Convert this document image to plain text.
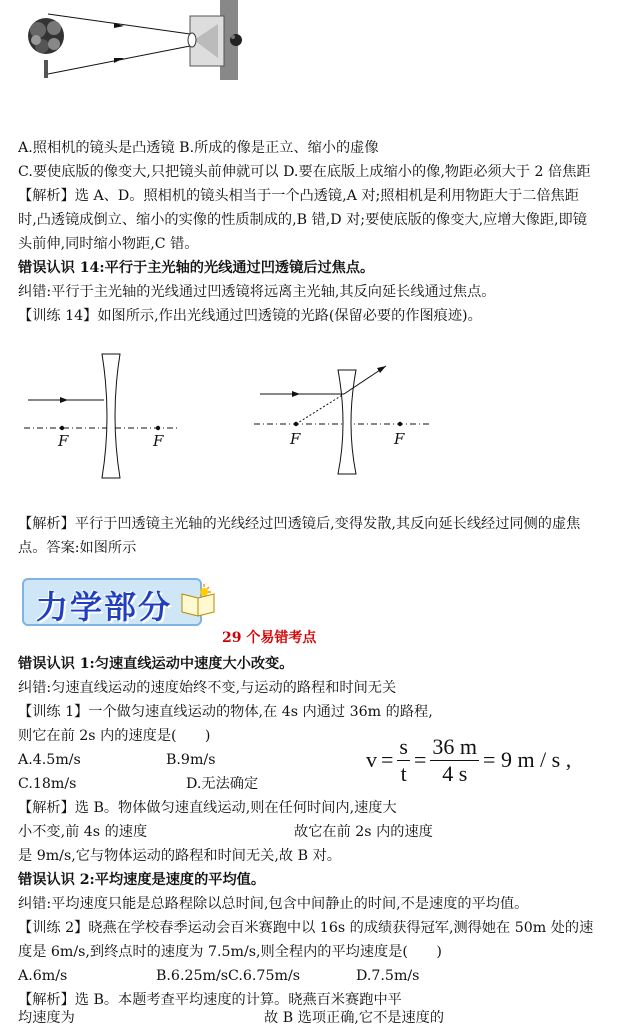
A.照相机的镜头是凸透镜 B.所成的像是正立、缩小的虚像
C.要使底版的像变大,只把镜头前伸就可以 D.要在底版上成缩小的像,物距必须大于 2 倍焦距
【解析】选 A、D。照相机的镜头相当于一个凸透镜,A 对;照相机是利用物距大于二倍焦距
时,凸透镜成倒立、缩小的实像的性质制成的,B 错,D 对;要使底版的像变大,应增大像距,即镜
头前伸,同时缩小物距,C 错。
错误认识 14:平行于主光轴的光线通过凹透镜后过焦点。
纠错:平行于主光轴的光线通过凹透镜将远离主光轴,其反向延长线通过焦点。
【训练 14】如图所示,作出光线通过凹透镜的光路(保留必要的作图痕迹)。
F	F	F	F
【解析】平行于凹透镜主光轴的光线经过凹透镜后,变得发散,其反向延长线经过同侧的虚焦
点。答案:如图所示
力学部分
29 个易错考点
错误认识 1:匀速直线运动中速度大小改变。
纠错:匀速直线运动的速度始终不变,与运动的路程和时间无关
【训练 1】一个做匀速直线运动的物体,在 4s 内通过 36m 的路程,
则它在前 2s 内的速度是(　　)
A.4.5m/s	B.9m/s
C.18m/s	D.无法确定
$v = \frac{s}{t} = \frac{36 m}{4 s} = 9$ m / s ,
【解析】选 B。物体做匀速直线运动,则在任何时间内,速度大
小不变,前 4s 的速度	故它在前 2s 内的速度
是 9m/s,它与物体运动的路程和时间无关,故 B 对。
错误认识 2:平均速度是速度的平均值。
纠错:平均速度只能是总路程除以总时间,包含中间静止的时间,不是速度的平均值。
【训练 2】晓燕在学校春季运动会百米赛跑中以 16s 的成绩获得冠军,测得她在 50m 处的速
度是 6m/s,到终点时的速度为 7.5m/s,则全程内的平均速度是(　　)
A.6m/s	B.6.25m/sC.6.75m/s	D.7.5m/s
【解析】选 B。本题考查平均速度的计算。晓燕百米赛跑中平
均速度为	故 B 选项正确,它不是速度的
